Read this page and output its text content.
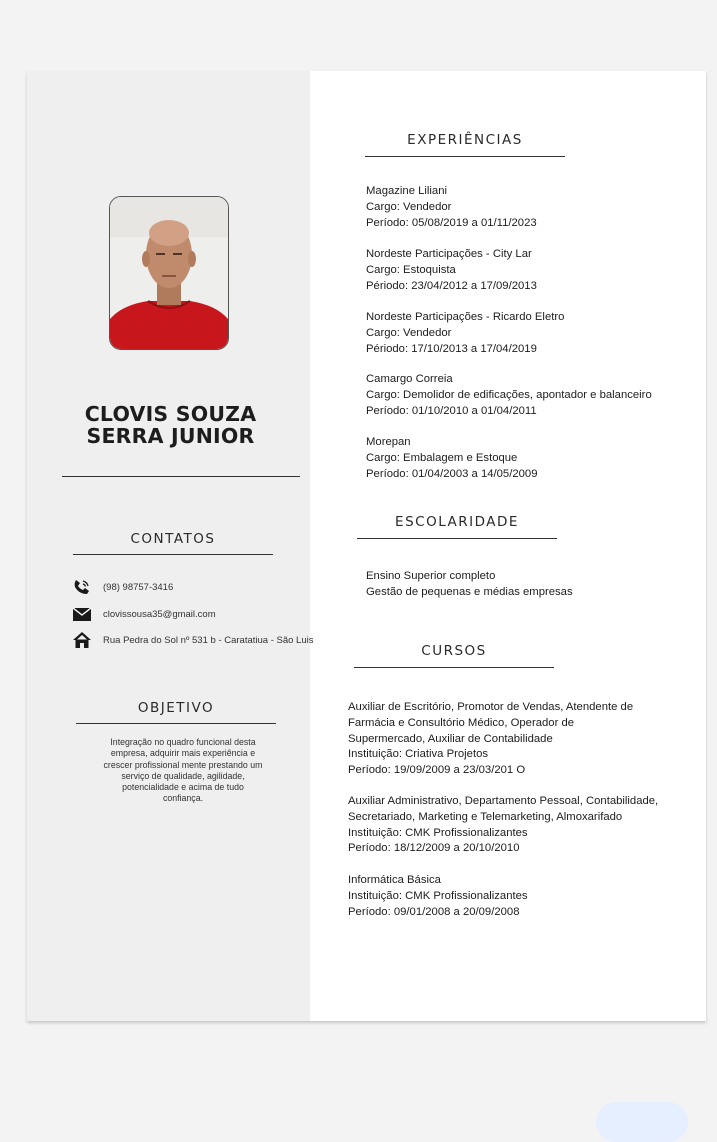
CLOVIS SOUZA
SERRA JUNIOR
CONTATOS
(98) 98757-3416
clovissousa35@gmail.com
Rua Pedra do Sol nº 531 b - Caratatiua - São Luis
OBJETIVO
Integração no quadro funcional desta empresa, adquirir mais experiência e crescer profissional mente prestando um serviço de qualidade, agilidade, potencialidade e acima de tudo confiança.
EXPERIÊNCIAS

Magazine Liliani

Cargo: Vendedor

Período: 05/08/2019 a 01/11/2023

Nordeste Participações - City Lar

Cargo: Estoquista

Périodo: 23/04/2012 a 17/09/2013

Nordeste Participações - Ricardo Eletro

Cargo: Vendedor

Périodo: 17/10/2013 a 17/04/2019

Camargo Correia

Cargo: Demolidor de edificações, apontador e balanceiro

Período: 01/10/2010 a 01/04/2011

Morepan

Cargo: Embalagem e Estoque

Período: 01/04/2003 a 14/05/2009

ESCOLARIDADE

Ensino Superior completo

Gestão de pequenas e médias empresas

CURSOS

Auxiliar de Escritório, Promotor de Vendas, Atendente de

Farmácia e Consultório Médico, Operador de

Supermercado, Auxiliar de Contabilidade

Instituição: Criativa Projetos

Período: 19/09/2009 a 23/03/201 O

Auxiliar Administrativo, Departamento Pessoal, Contabilidade,

Secretariado, Marketing e Telemarketing, Almoxarifado

Instituição: CMK Profissionalizantes

Período: 18/12/2009 a 20/10/2010

Informática Básica

Instituição: CMK Profissionalizantes

Período: 09/01/2008 a 20/09/2008
